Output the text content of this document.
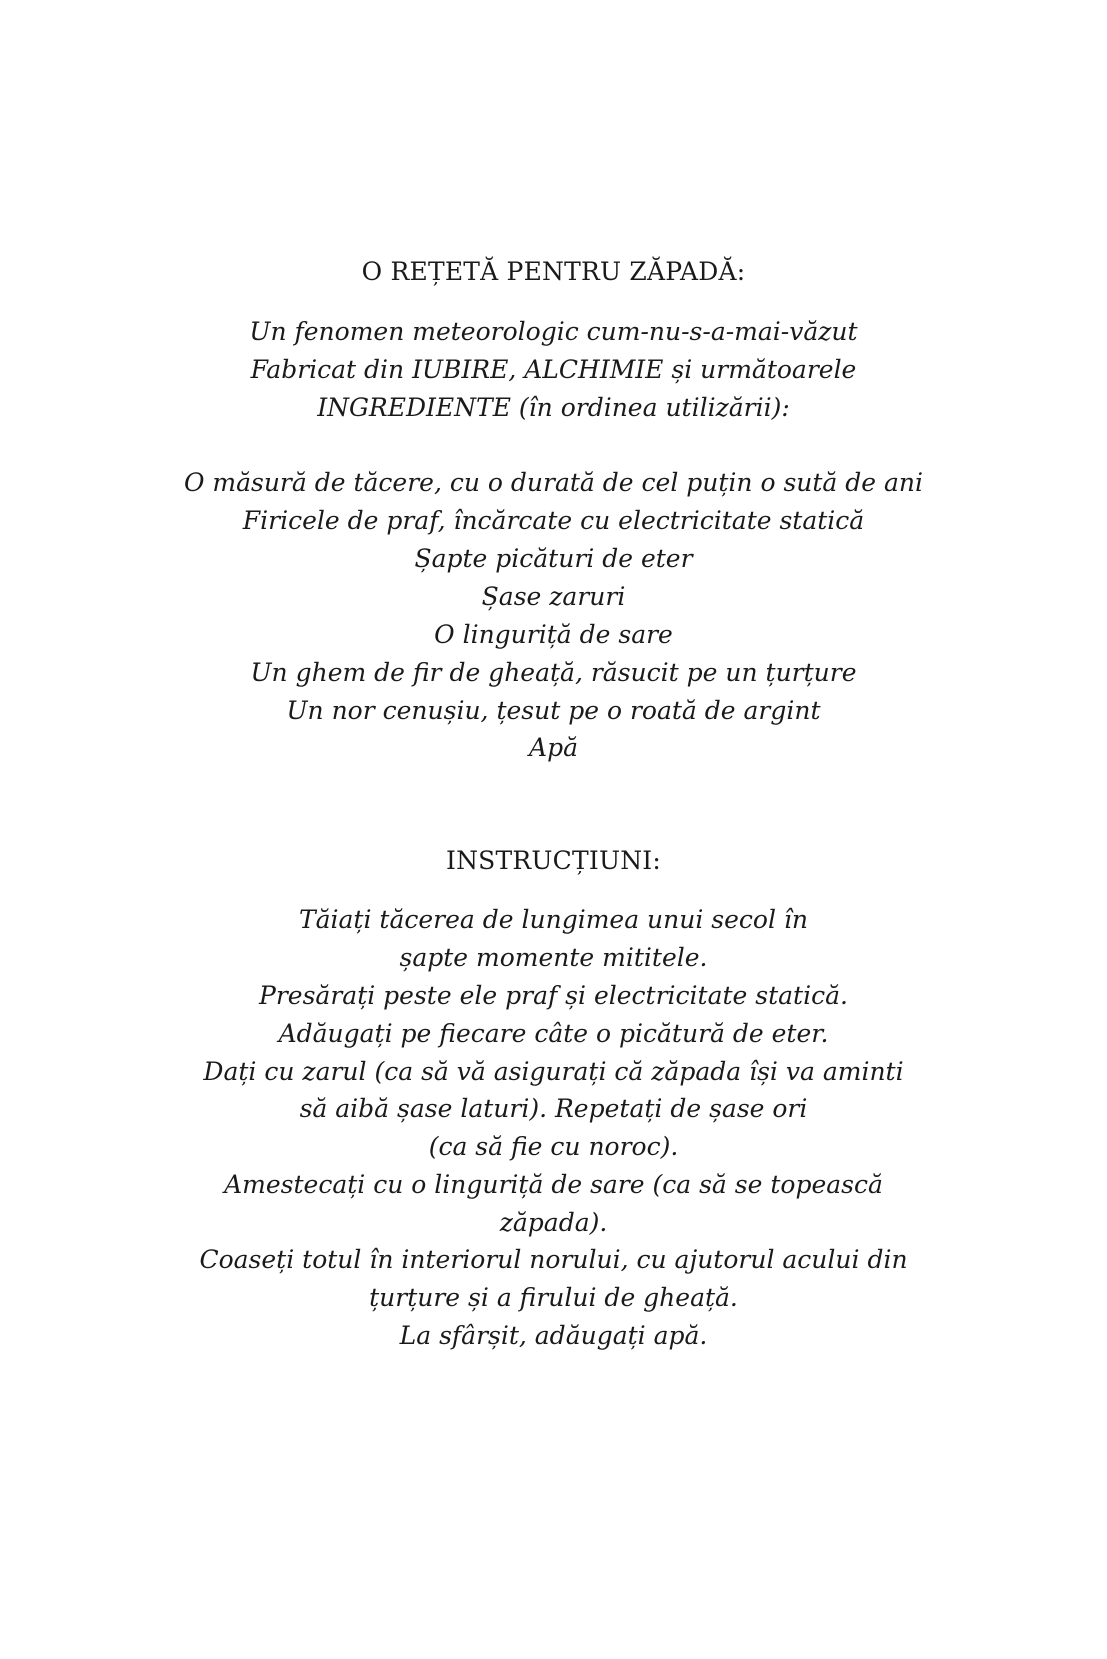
O REȚETĂ PENTRU ZĂPADĂ:
Un fenomen meteorologic cum-nu-s-a-mai-văzut
Fabricat din IUBIRE, ALCHIMIE și următoarele
INGREDIENTE (în ordinea utilizării):
O măsură de tăcere, cu o durată de cel puțin o sută de ani
Firicele de praf, încărcate cu electricitate statică
Șapte picături de eter
Șase zaruri
O linguriță de sare
Un ghem de fir de gheață, răsucit pe un țurțure
Un nor cenușiu, țesut pe o roată de argint
Apă
INSTRUCȚIUNI:
Tăiați tăcerea de lungimea unui secol în
șapte momente mititele.
Presărați peste ele praf și electricitate statică.
Adăugați pe fiecare câte o picătură de eter.
Dați cu zarul (ca să vă asigurați că zăpada își va aminti
să aibă șase laturi). Repetați de șase ori
(ca să fie cu noroc).
Amestecați cu o linguriță de sare (ca să se topească
zăpada).
Coaseți totul în interiorul norului, cu ajutorul acului din
țurțure și a firului de gheață.
La sfârșit, adăugați apă.
